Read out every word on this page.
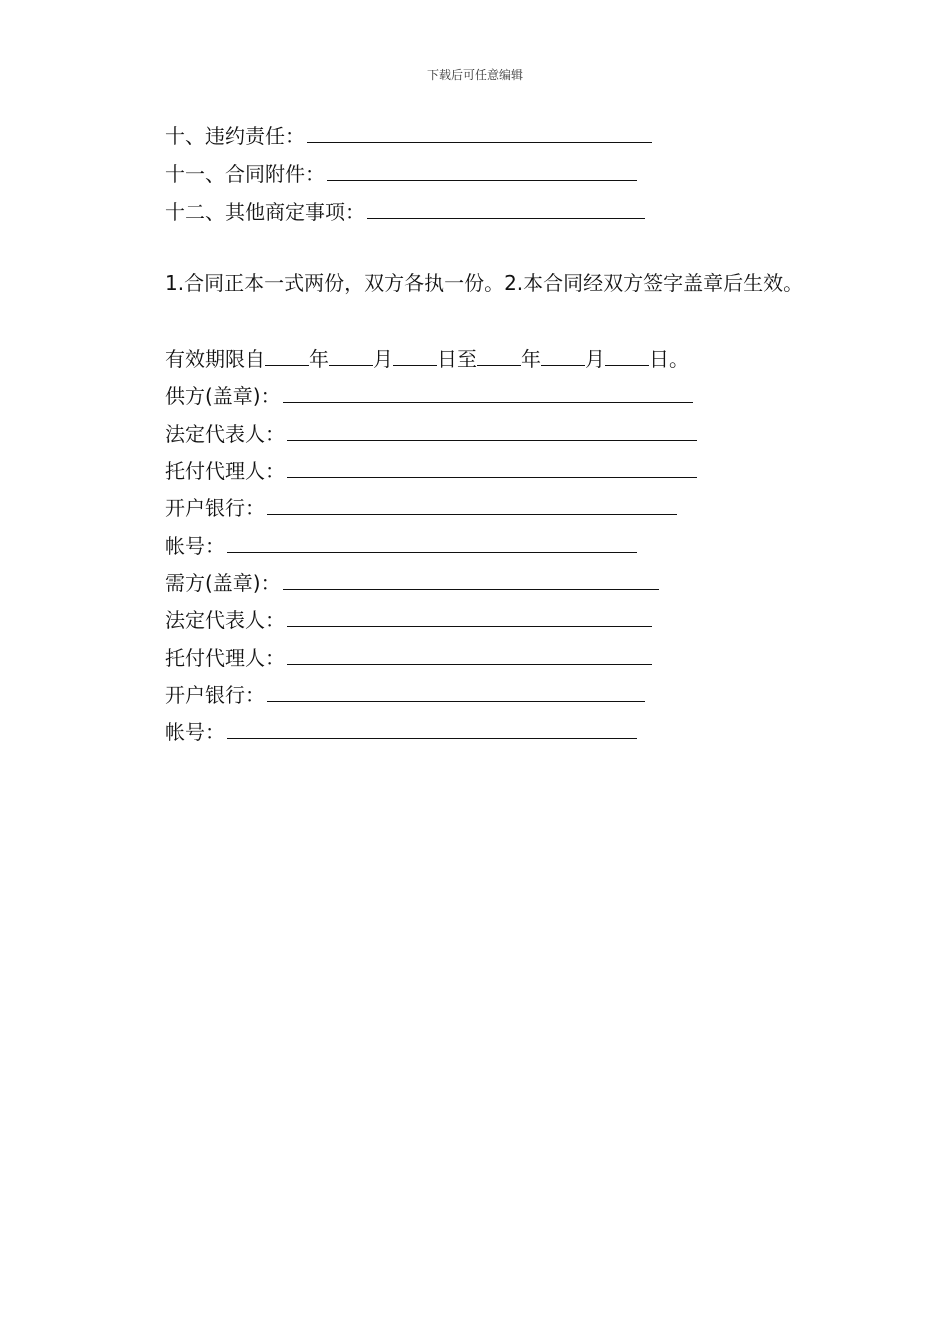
下载后可任意编辑
十、违约责任：
十一、合同附件：
十二、其他商定事项：
1.合同正本一式两份，双方各执一份。2.本合同经双方签字盖章后生效。
有效期限自 年 月 日至 年 月 日。
供方(盖章)：
法定代表人：
托付代理人：
开户银行：
帐号：
需方(盖章)：
法定代表人：
托付代理人：
开户银行：
帐号：
